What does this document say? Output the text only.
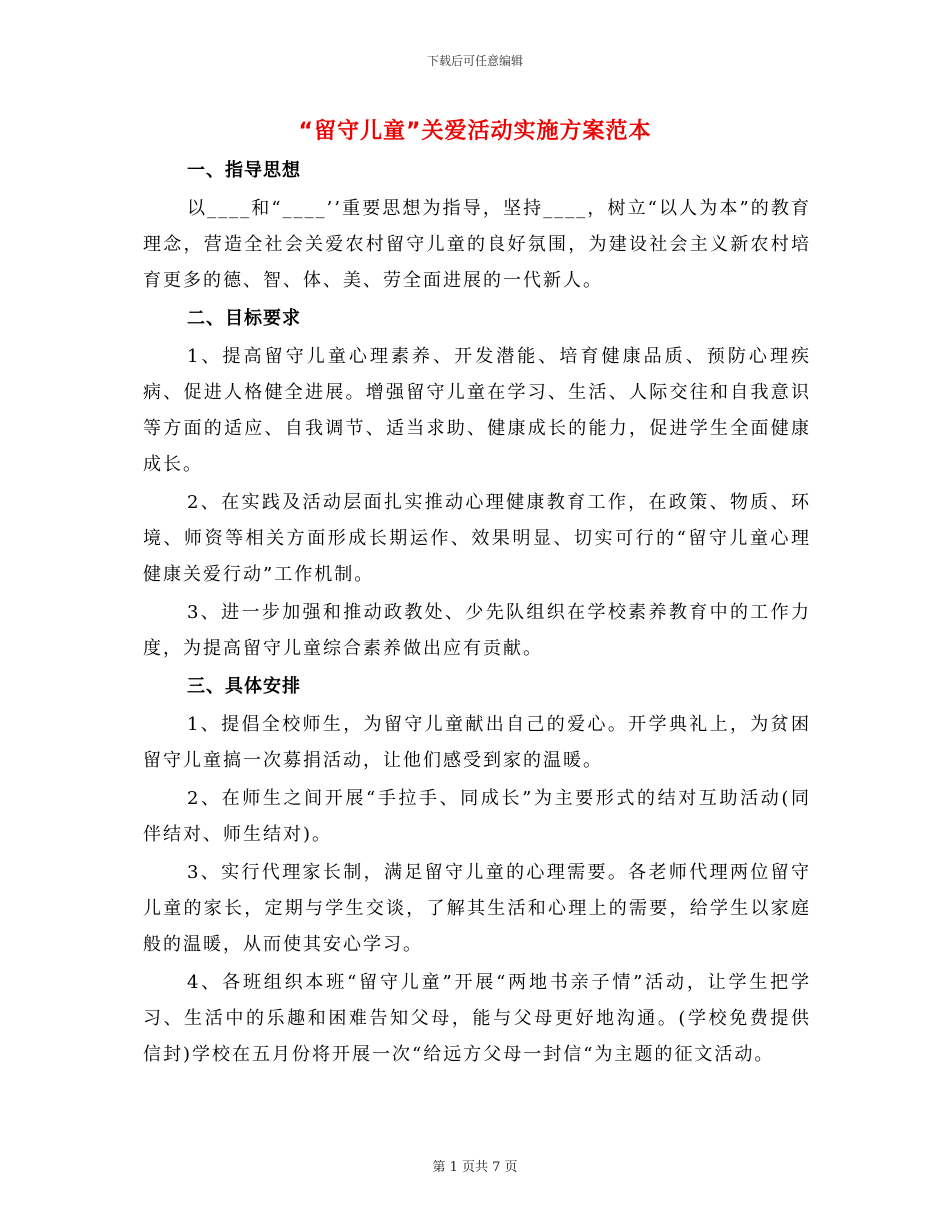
下载后可任意编辑
“留守儿童”关爱活动实施方案范本
一、指导思想
以____和“____’’重要思想为指导，坚持____，树立“以人为本”的教育理念，营造全社会关爱农村留守儿童的良好氛围，为建设社会主义新农村培育更多的德、智、体、美、劳全面进展的一代新人。
二、目标要求
1、提高留守儿童心理素养、开发潜能、培育健康品质、预防心理疾病、促进人格健全进展。增强留守儿童在学习、生活、人际交往和自我意识等方面的适应、自我调节、适当求助、健康成长的能力，促进学生全面健康成长。
2、在实践及活动层面扎实推动心理健康教育工作，在政策、物质、环境、师资等相关方面形成长期运作、效果明显、切实可行的“留守儿童心理健康关爱行动”工作机制。
3、进一步加强和推动政教处、少先队组织在学校素养教育中的工作力度，为提高留守儿童综合素养做出应有贡献。
三、具体安排
1、提倡全校师生，为留守儿童献出自己的爱心。开学典礼上，为贫困留守儿童搞一次募捐活动，让他们感受到家的温暖。
2、在师生之间开展“手拉手、同成长”为主要形式的结对互助活动(同伴结对、师生结对)。
3、实行代理家长制，满足留守儿童的心理需要。各老师代理两位留守儿童的家长，定期与学生交谈，了解其生活和心理上的需要，给学生以家庭般的温暖，从而使其安心学习。
4、各班组织本班“留守儿童”开展“两地书亲子情”活动，让学生把学习、生活中的乐趣和困难告知父母，能与父母更好地沟通。(学校免费提供信封)学校在五月份将开展一次“给远方父母一封信“为主题的征文活动。
第 1 页共 7 页
